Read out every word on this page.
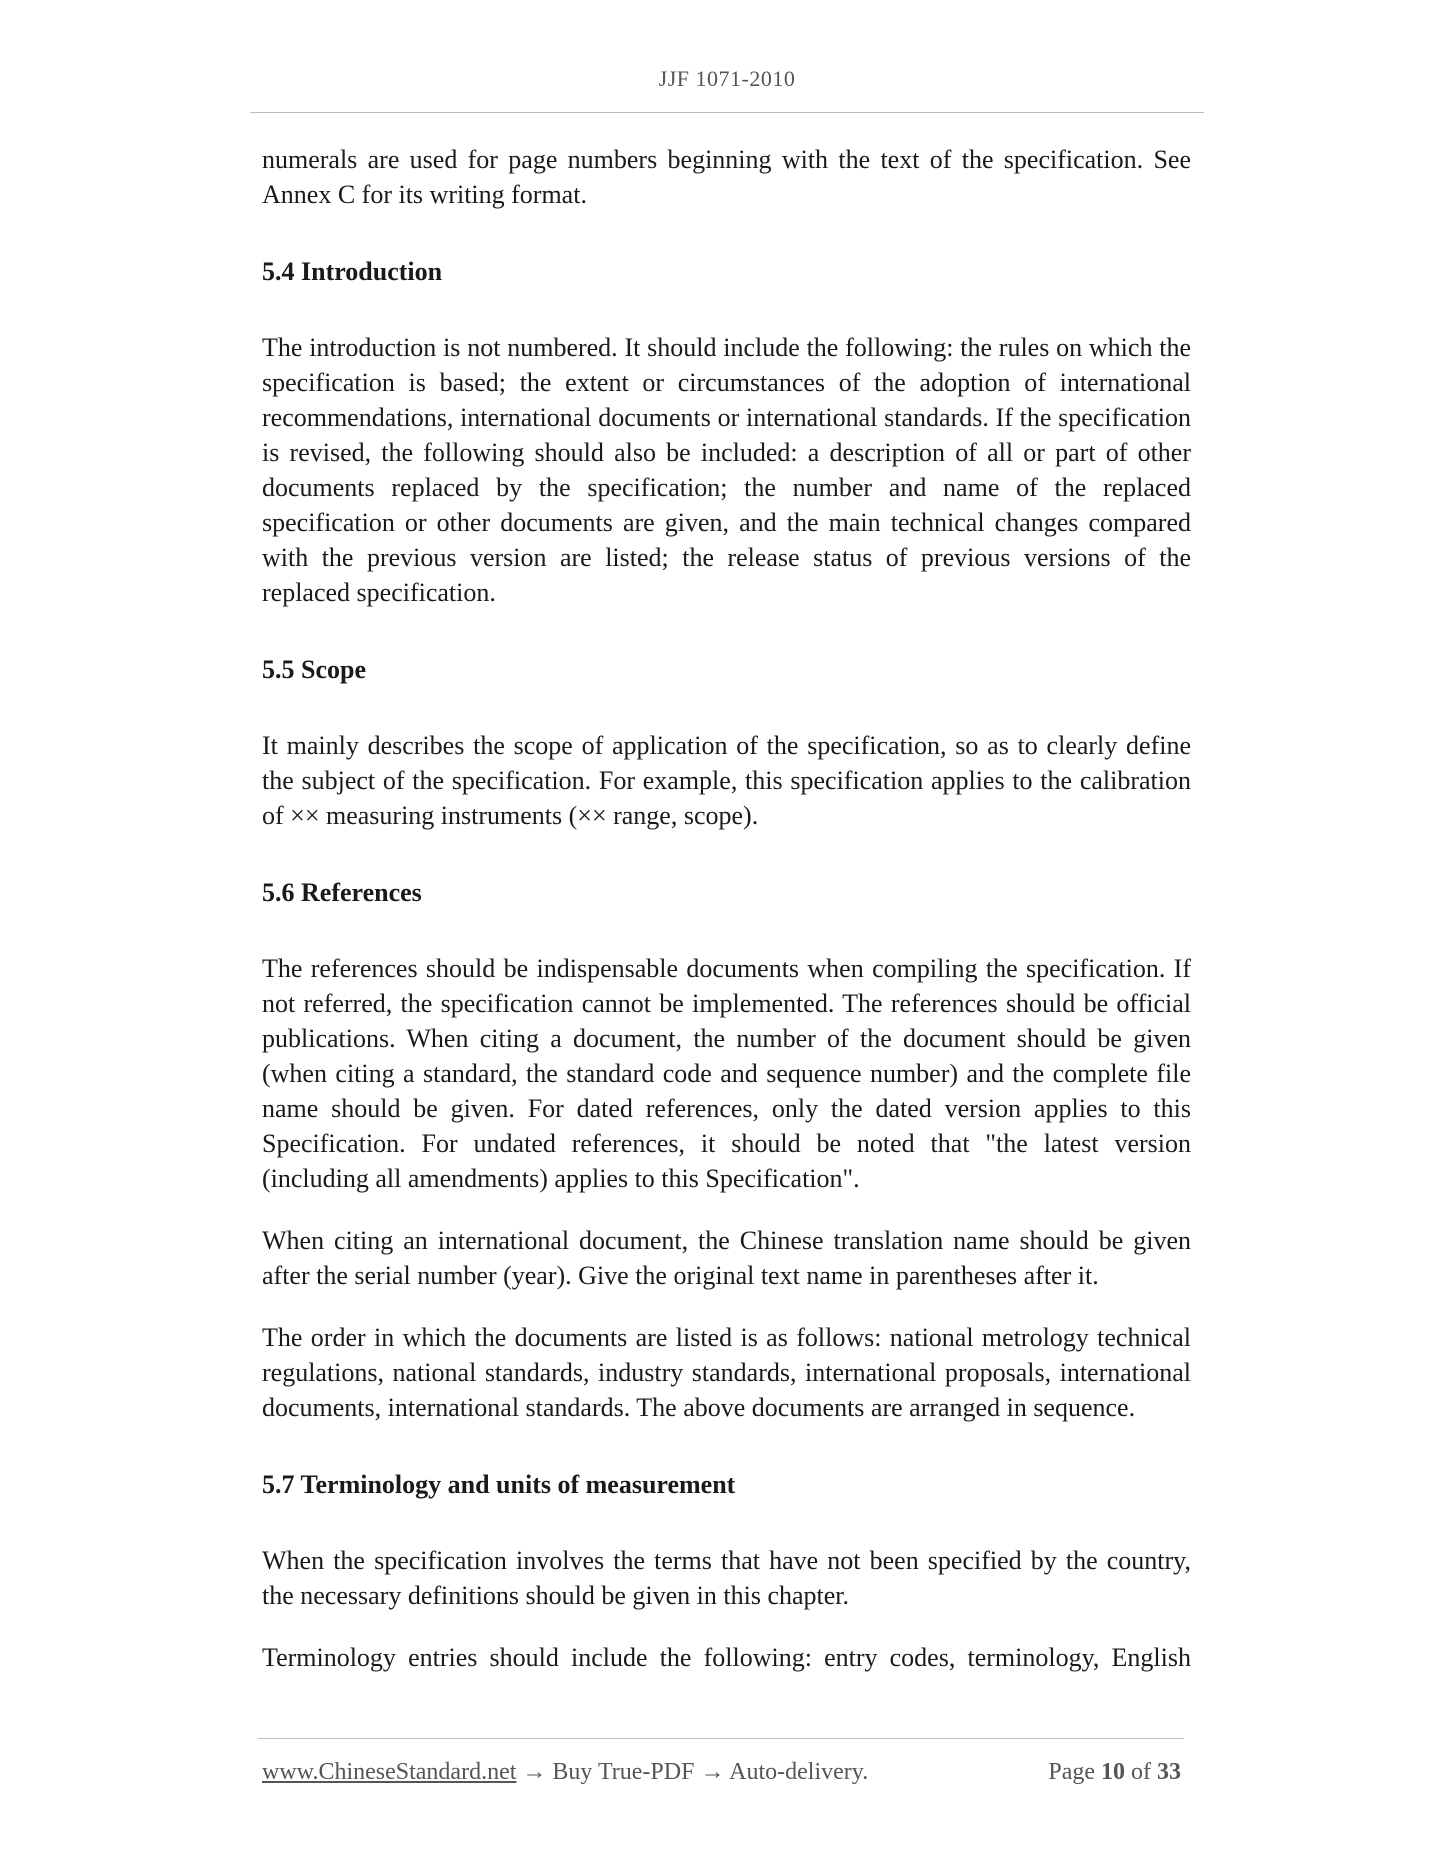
JJF 1071-2010

numerals are used for page numbers beginning with the text of the specification. See Annex C for its writing format.

5.4 Introduction

The introduction is not numbered. It should include the following: the rules on which the specification is based; the extent or circumstances of the adoption of international recommendations, international documents or international standards. If the specification is revised, the following should also be included: a description of all or part of other documents replaced by the specification; the number and name of the replaced specification or other documents are given, and the main technical changes compared with the previous version are listed; the release status of previous versions of the replaced specification.

5.5 Scope

It mainly describes the scope of application of the specification, so as to clearly define the subject of the specification. For example, this specification applies to the calibration of ×× measuring instruments (×× range, scope).

5.6 References

The references should be indispensable documents when compiling the specification. If not referred, the specification cannot be implemented. The references should be official publications. When citing a document, the number of the document should be given (when citing a standard, the standard code and sequence number) and the complete file name should be given. For dated references, only the dated version applies to this Specification. For undated references, it should be noted that "the latest version (including all amendments) applies to this Specification".

When citing an international document, the Chinese translation name should be given after the serial number (year). Give the original text name in parentheses after it.

The order in which the documents are listed is as follows: national metrology technical regulations, national standards, industry standards, international proposals, international documents, international standards. The above documents are arranged in sequence.

5.7 Terminology and units of measurement

When the specification involves the terms that have not been specified by the country, the necessary definitions should be given in this chapter.

Terminology entries should include the following: entry codes, terminology, English

www.ChineseStandard.net → Buy True-PDF → Auto-delivery.	Page 10 of 33
